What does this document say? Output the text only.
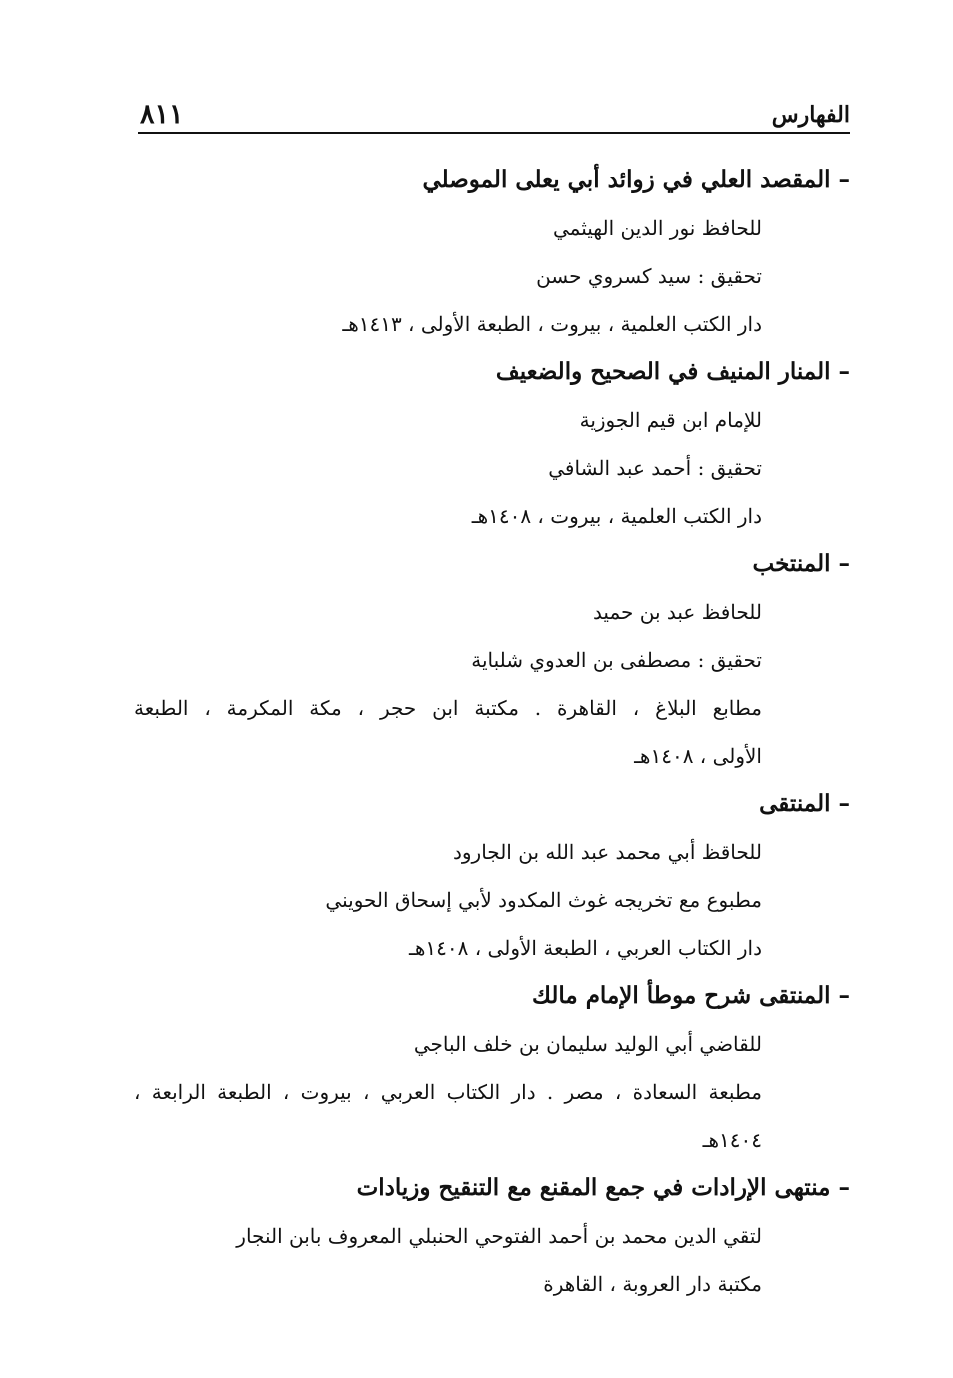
الفهارس
٨١١
–المقصد العلي في زوائد أبي يعلى الموصلي
للحافظ نور الدين الهيثمي
تحقيق : سيد كسروي حسن
دار الكتب العلمية ، بيروت ، الطبعة الأولى ، ١٤١٣هـ
–المنار المنيف في الصحيح والضعيف
للإمام ابن قيم الجوزية
تحقيق : أحمد عبد الشافي
دار الكتب العلمية ، بيروت ، ١٤٠٨هـ
–المنتخب
للحافظ عبد بن حميد
تحقيق : مصطفى بن العدوي شلباية
مطابع البلاغ ، القاهرة . مكتبة ابن حجر ، مكة المكرمة ، الطبعة
الأولى ، ١٤٠٨هـ
–المنتقى
للحاقظ أبي محمد عبد الله بن الجارود
مطبوع مع تخريجه غوث المكدود لأبي إسحاق الحويني
دار الكتاب العربي ، الطبعة الأولى ، ١٤٠٨هـ
–المنتقى شرح موطأ الإمام مالك
للقاضي أبي الوليد سليمان بن خلف الباجي
مطبعة السعادة ، مصر . دار الكتاب العربي ، بيروت ، الطبعة الرابعة ،
١٤٠٤هـ
–منتهى الإرادات في جمع المقنع مع التنقيح وزيادات
لتقي الدين محمد بن أحمد الفتوحي الحنبلي المعروف بابن النجار
مكتبة دار العروبة ، القاهرة
